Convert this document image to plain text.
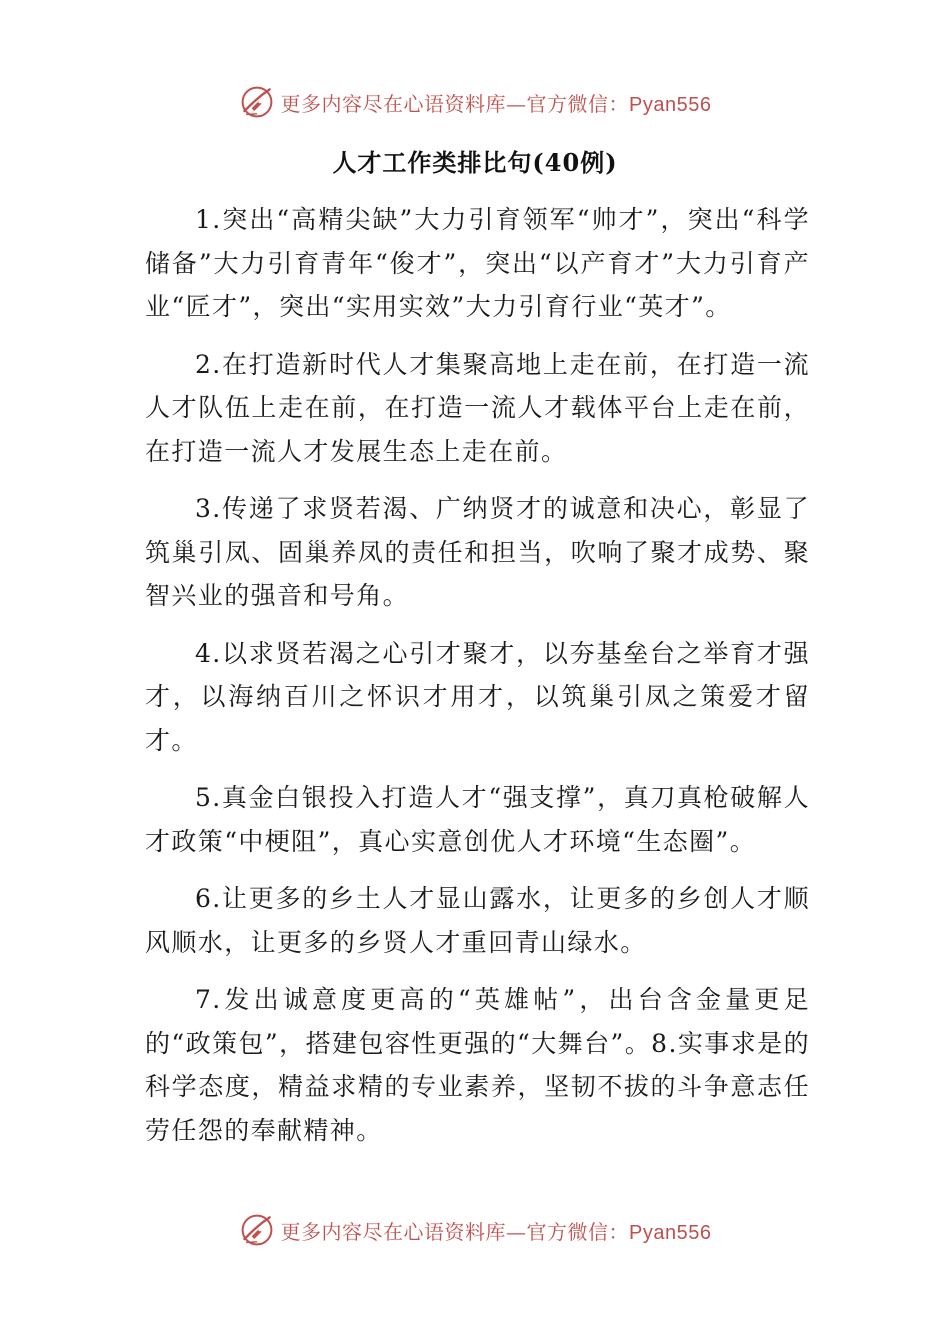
更多内容尽在心语资料库—官方微信：Pyan556
人才工作类排比句(40例)

1.突出“高精尖缺”大力引育领军“帅才”，突出“科学储备”大力引育青年“俊才”，突出“以产育才”大力引育产业“匠才”，突出“实用实效”大力引育行业“英才”。

2.在打造新时代人才集聚高地上走在前，在打造一流人才队伍上走在前，在打造一流人才载体平台上走在前，在打造一流人才发展生态上走在前。

3.传递了求贤若渴、广纳贤才的诚意和决心，彰显了筑巢引凤、固巢养凤的责任和担当，吹响了聚才成势、聚智兴业的强音和号角。

4.以求贤若渴之心引才聚才，以夯基垒台之举育才强才，以海纳百川之怀识才用才，以筑巢引凤之策爱才留才。

5.真金白银投入打造人才“强支撑”，真刀真枪破解人才政策“中梗阻”，真心实意创优人才环境“生态圈”。

6.让更多的乡土人才显山露水，让更多的乡创人才顺风顺水，让更多的乡贤人才重回青山绿水。

7.发出诚意度更高的“英雄帖”，出台含金量更足的“政策包”，搭建包容性更强的“大舞台”。8.实事求是的科学态度，精益求精的专业素养，坚韧不拔的斗争意志任劳任怨的奉献精神。

更多内容尽在心语资料库—官方微信：Pyan556
